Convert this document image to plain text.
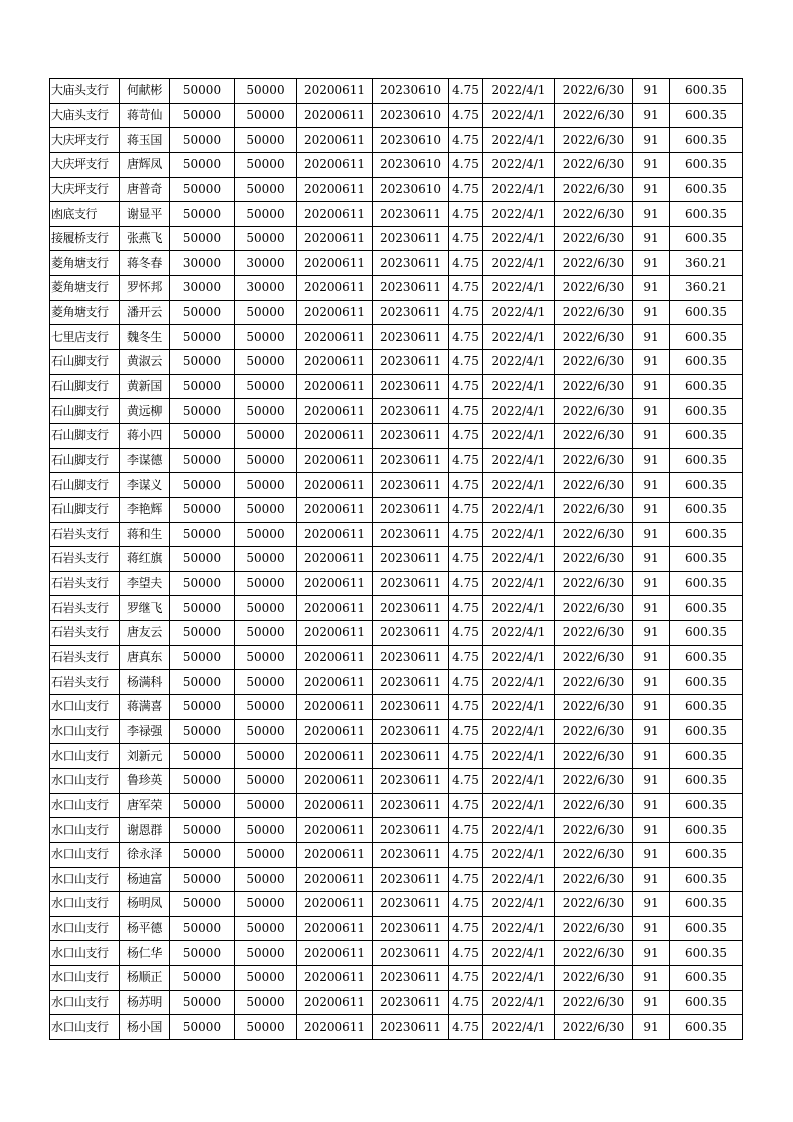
大庙头支行	何献彬	50000	50000	20200611	20230610	4.75	2022/4/1	2022/6/30	91	600.35
大庙头支行	蒋苛仙	50000	50000	20200611	20230610	4.75	2022/4/1	2022/6/30	91	600.35
大庆坪支行	蒋玉国	50000	50000	20200611	20230610	4.75	2022/4/1	2022/6/30	91	600.35
大庆坪支行	唐辉凤	50000	50000	20200611	20230610	4.75	2022/4/1	2022/6/30	91	600.35
大庆坪支行	唐普奇	50000	50000	20200611	20230610	4.75	2022/4/1	2022/6/30	91	600.35
凼底支行	谢显平	50000	50000	20200611	20230611	4.75	2022/4/1	2022/6/30	91	600.35
接履桥支行	张燕飞	50000	50000	20200611	20230611	4.75	2022/4/1	2022/6/30	91	600.35
菱角塘支行	蒋冬春	30000	30000	20200611	20230611	4.75	2022/4/1	2022/6/30	91	360.21
菱角塘支行	罗怀邦	30000	30000	20200611	20230611	4.75	2022/4/1	2022/6/30	91	360.21
菱角塘支行	潘开云	50000	50000	20200611	20230611	4.75	2022/4/1	2022/6/30	91	600.35
七里店支行	魏冬生	50000	50000	20200611	20230611	4.75	2022/4/1	2022/6/30	91	600.35
石山脚支行	黄淑云	50000	50000	20200611	20230611	4.75	2022/4/1	2022/6/30	91	600.35
石山脚支行	黄新国	50000	50000	20200611	20230611	4.75	2022/4/1	2022/6/30	91	600.35
石山脚支行	黄远柳	50000	50000	20200611	20230611	4.75	2022/4/1	2022/6/30	91	600.35
石山脚支行	蒋小四	50000	50000	20200611	20230611	4.75	2022/4/1	2022/6/30	91	600.35
石山脚支行	李谋德	50000	50000	20200611	20230611	4.75	2022/4/1	2022/6/30	91	600.35
石山脚支行	李谋义	50000	50000	20200611	20230611	4.75	2022/4/1	2022/6/30	91	600.35
石山脚支行	李艳辉	50000	50000	20200611	20230611	4.75	2022/4/1	2022/6/30	91	600.35
石岩头支行	蒋和生	50000	50000	20200611	20230611	4.75	2022/4/1	2022/6/30	91	600.35
石岩头支行	蒋红旗	50000	50000	20200611	20230611	4.75	2022/4/1	2022/6/30	91	600.35
石岩头支行	李望夫	50000	50000	20200611	20230611	4.75	2022/4/1	2022/6/30	91	600.35
石岩头支行	罗继飞	50000	50000	20200611	20230611	4.75	2022/4/1	2022/6/30	91	600.35
石岩头支行	唐友云	50000	50000	20200611	20230611	4.75	2022/4/1	2022/6/30	91	600.35
石岩头支行	唐真东	50000	50000	20200611	20230611	4.75	2022/4/1	2022/6/30	91	600.35
石岩头支行	杨满科	50000	50000	20200611	20230611	4.75	2022/4/1	2022/6/30	91	600.35
水口山支行	蒋满喜	50000	50000	20200611	20230611	4.75	2022/4/1	2022/6/30	91	600.35
水口山支行	李禄强	50000	50000	20200611	20230611	4.75	2022/4/1	2022/6/30	91	600.35
水口山支行	刘新元	50000	50000	20200611	20230611	4.75	2022/4/1	2022/6/30	91	600.35
水口山支行	鲁珍英	50000	50000	20200611	20230611	4.75	2022/4/1	2022/6/30	91	600.35
水口山支行	唐军荣	50000	50000	20200611	20230611	4.75	2022/4/1	2022/6/30	91	600.35
水口山支行	谢恩群	50000	50000	20200611	20230611	4.75	2022/4/1	2022/6/30	91	600.35
水口山支行	徐永泽	50000	50000	20200611	20230611	4.75	2022/4/1	2022/6/30	91	600.35
水口山支行	杨迪富	50000	50000	20200611	20230611	4.75	2022/4/1	2022/6/30	91	600.35
水口山支行	杨明凤	50000	50000	20200611	20230611	4.75	2022/4/1	2022/6/30	91	600.35
水口山支行	杨平德	50000	50000	20200611	20230611	4.75	2022/4/1	2022/6/30	91	600.35
水口山支行	杨仁华	50000	50000	20200611	20230611	4.75	2022/4/1	2022/6/30	91	600.35
水口山支行	杨顺正	50000	50000	20200611	20230611	4.75	2022/4/1	2022/6/30	91	600.35
水口山支行	杨苏明	50000	50000	20200611	20230611	4.75	2022/4/1	2022/6/30	91	600.35
水口山支行	杨小国	50000	50000	20200611	20230611	4.75	2022/4/1	2022/6/30	91	600.35
